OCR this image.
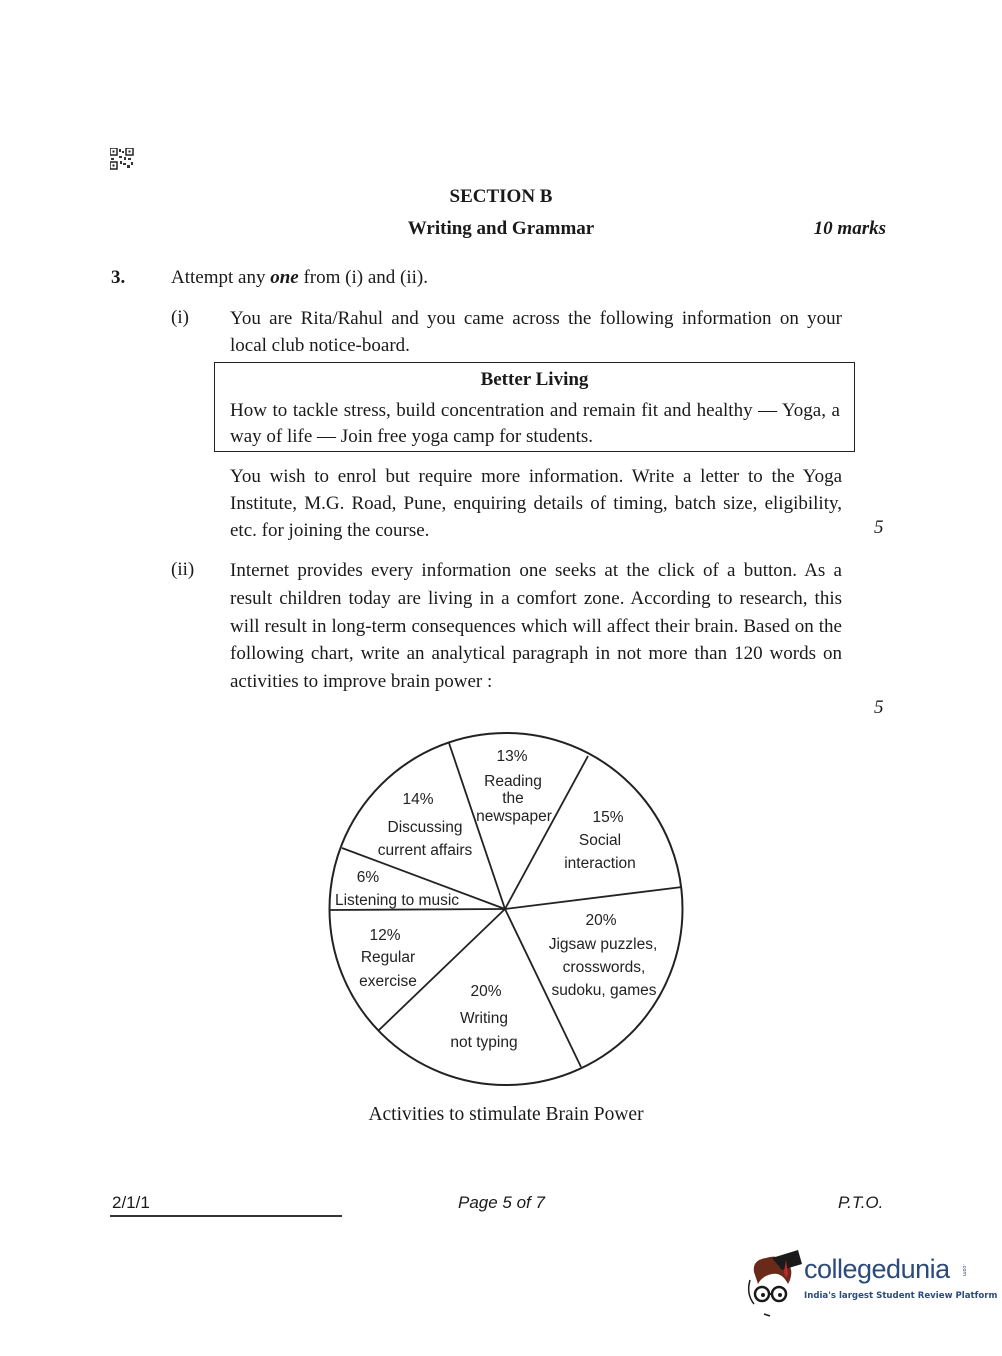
SECTION B
Writing and Grammar	10 marks
3. Attempt any one from (i) and (ii).
(i) You are Rita/Rahul and you came across the following information on your local club notice-board.
Better Living
How to tackle stress, build concentration and remain fit and healthy — Yoga, a way of life — Join free yoga camp for students.
You wish to enrol but require more information. Write a letter to the Yoga Institute, M.G. Road, Pune, enquiring details of timing, batch size, eligibility, etc. for joining the course.	5
(ii) Internet provides every information one seeks at the click of a button. As a result children today are living in a comfort zone. According to research, this will result in long-term consequences which will affect their brain. Based on the following chart, write an analytical paragraph in not more than 120 words on activities to improve brain power :
5
13%
Reading
the
newspaper	15%
Social
interaction
20%
Jigsaw puzzles,
crosswords,
sudoku, games
20%
Writing
not typing
12%
Regular
exercise
6%
Listening to music
14%
Discussing
current affairs
Activities to stimulate Brain Power
2/1/1	Page 5 of 7	P.T.O.
collegedunia .com
India's largest Student Review Platform
